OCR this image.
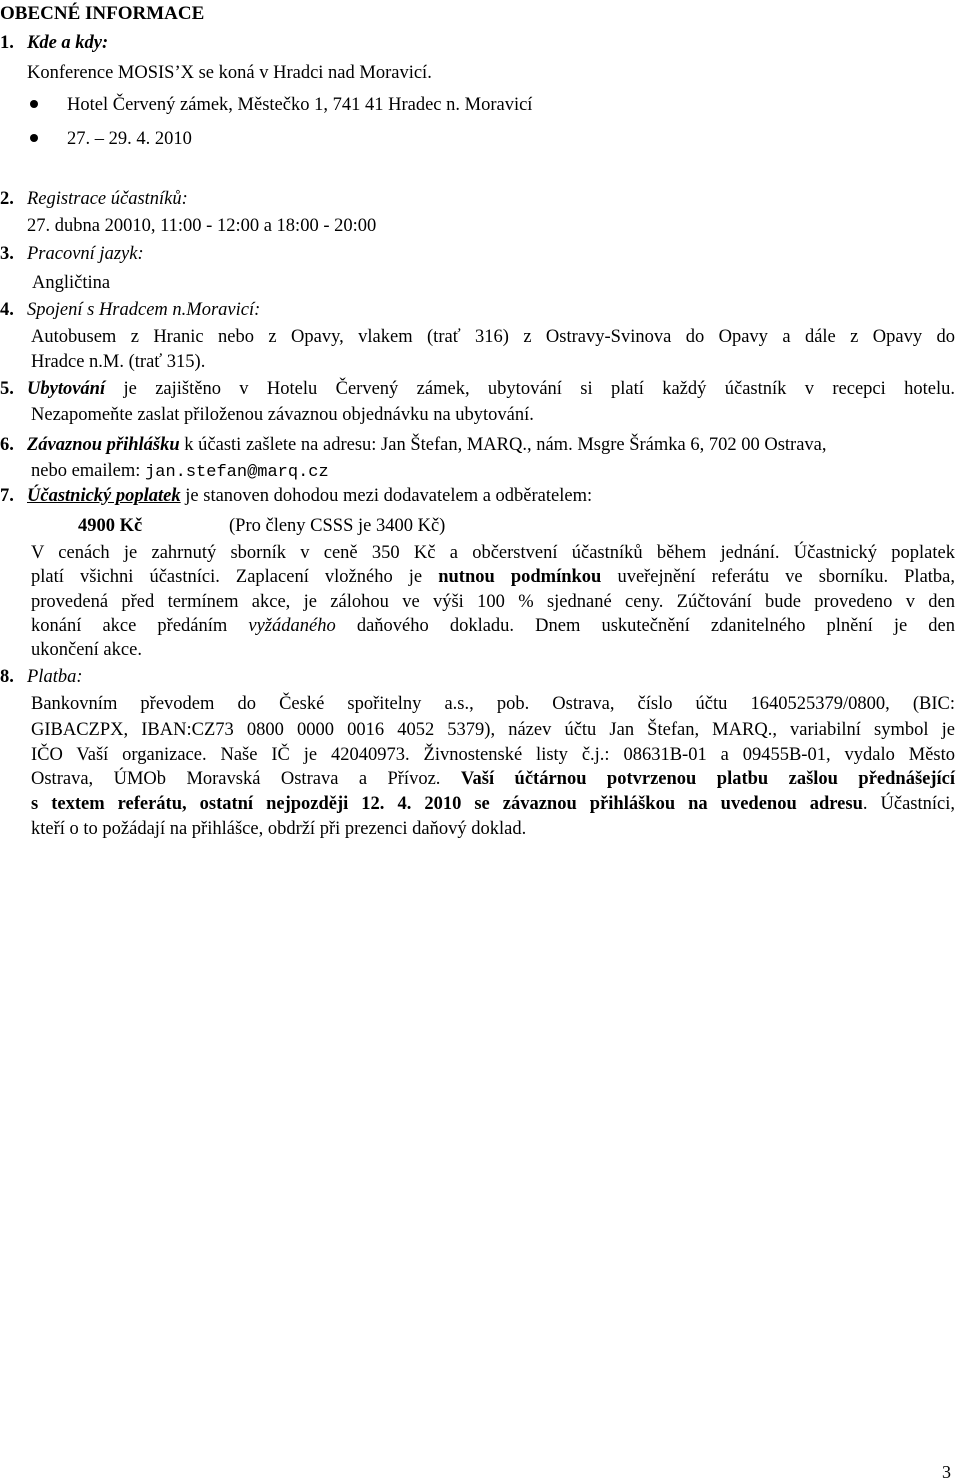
OBECNÉ INFORMACE
1. Kde a kdy:
Konference MOSIS’X se koná v Hradci nad Moravicí.
Hotel Červený zámek, Městečko 1, 741 41 Hradec n. Moravicí
27. – 29. 4. 2010
2. Registrace účastníků:
27. dubna 20010, 11:00 - 12:00 a 18:00 - 20:00
3. Pracovní jazyk:
Angličtina
4. Spojení s Hradcem n.Moravicí:
Autobusem z Hranic nebo z Opavy, vlakem (trať 316) z Ostravy-Svinova do Opavy a dále z Opavy do
Hradce n.M. (trať 315).
5. Ubytování je zajištěno v Hotelu Červený zámek, ubytování si platí každý účastník v recepci hotelu.
Nezapomeňte zaslat přiloženou závaznou objednávku na ubytování.
6. Závaznou přihlášku k účasti zašlete na adresu: Jan Štefan, MARQ., nám. Msgre Šrámka 6, 702 00 Ostrava,
nebo emailem: jan.stefan@marq.cz
7. Účastnický poplatek je stanoven dohodou mezi dodavatelem a odběratelem:
4900 Kč	(Pro členy CSSS je 3400 Kč)
V cenách je zahrnutý sborník v ceně 350 Kč a občerstvení účastníků během jednání. Účastnický poplatek
platí všichni účastníci. Zaplacení vložného je nutnou podmínkou uveřejnění referátu ve sborníku. Platba,
provedená před termínem akce, je zálohou ve výši 100 % sjednané ceny. Zúčtování bude provedeno v den
konání akce předáním vyžádaného daňového dokladu. Dnem uskutečnění zdanitelného plnění je den
ukončení akce.
8. Platba:
Bankovním převodem do České spořitelny a.s., pob. Ostrava, číslo účtu 1640525379/0800, (BIC:
GIBACZPX, IBAN:CZ73 0800 0000 0016 4052 5379), název účtu Jan Štefan, MARQ., variabilní symbol je
IČO Vaší organizace. Naše IČ je 42040973. Živnostenské listy č.j.: 08631B-01 a 09455B-01, vydalo Město
Ostrava, ÚMOb Moravská Ostrava a Přívoz. Vaší účtárnou potvrzenou platbu zašlou přednášející
s textem referátu, ostatní nejpozději 12. 4. 2010 se závaznou přihláškou na uvedenou adresu. Účastníci,
kteří o to požádají na přihlášce, obdrží při prezenci daňový doklad.
3
